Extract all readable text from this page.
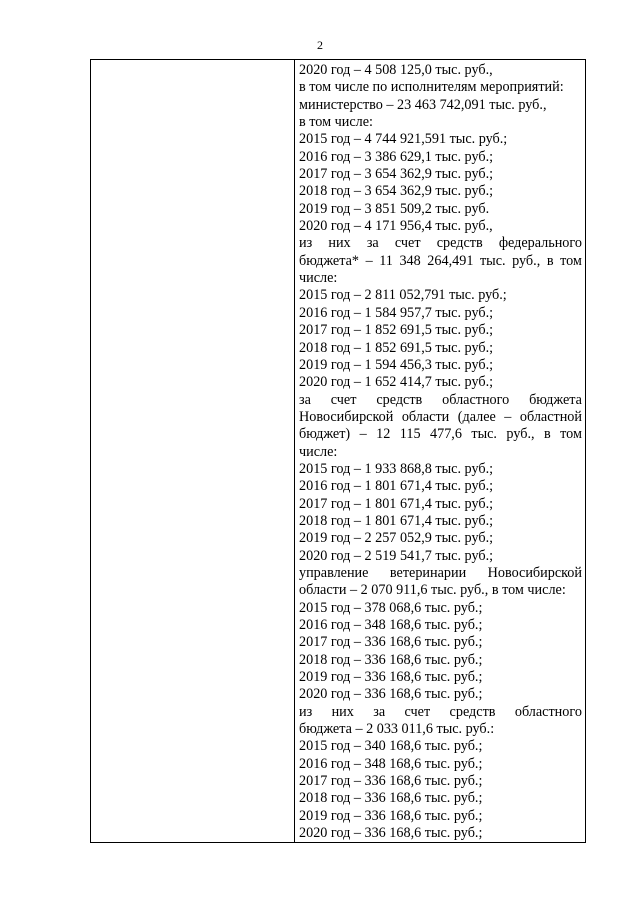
2
2020 год – 4 508 125,0 тыс. руб.,
в том числе по исполнителям мероприятий:
министерство – 23 463 742,091 тыс. руб.,
в том числе:
2015 год – 4 744 921,591 тыс. руб.;
2016 год – 3 386 629,1 тыс. руб.;
2017 год – 3 654 362,9 тыс. руб.;
2018 год – 3 654 362,9 тыс. руб.;
2019 год – 3 851 509,2 тыс. руб.
2020 год – 4 171 956,4 тыс. руб.,
из них за счет средств федерального
бюджета* – 11 348 264,491 тыс. руб., в том
числе:
2015 год – 2 811 052,791 тыс. руб.;
2016 год – 1 584 957,7 тыс. руб.;
2017 год – 1 852 691,5 тыс. руб.;
2018 год – 1 852 691,5 тыс. руб.;
2019 год – 1 594 456,3 тыс. руб.;
2020 год – 1 652 414,7 тыс. руб.;
за счет средств областного бюджета
Новосибирской области (далее – областной
бюджет) – 12 115 477,6 тыс. руб., в том
числе:
2015 год – 1 933 868,8 тыс. руб.;
2016 год – 1 801 671,4 тыс. руб.;
2017 год – 1 801 671,4 тыс. руб.;
2018 год – 1 801 671,4 тыс. руб.;
2019 год – 2 257 052,9 тыс. руб.;
2020 год – 2 519 541,7 тыс. руб.;
управление ветеринарии Новосибирской
области – 2 070 911,6 тыс. руб., в том числе:
2015 год – 378 068,6 тыс. руб.;
2016 год – 348 168,6 тыс. руб.;
2017 год – 336 168,6 тыс. руб.;
2018 год – 336 168,6 тыс. руб.;
2019 год – 336 168,6 тыс. руб.;
2020 год – 336 168,6 тыс. руб.;
из них за счет средств областного
бюджета – 2 033 011,6 тыс. руб.:
2015 год – 340 168,6 тыс. руб.;
2016 год – 348 168,6 тыс. руб.;
2017 год – 336 168,6 тыс. руб.;
2018 год – 336 168,6 тыс. руб.;
2019 год – 336 168,6 тыс. руб.;
2020 год – 336 168,6 тыс. руб.;
